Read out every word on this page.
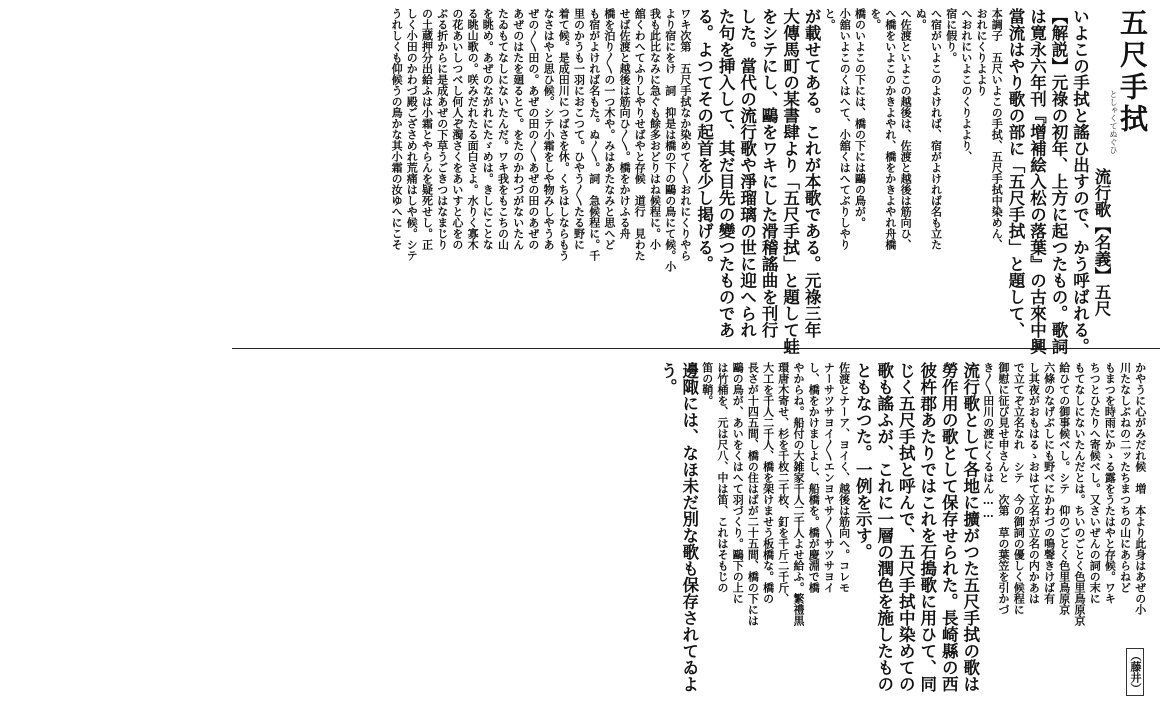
五尺手拭
としゃくてぬぐひ
（藤井）
流行歌【名義】五尺
いよこの手拭と謠ひ出すので、かう呼ばれる。
【解説】元祿の初年、上方に起つたもの。歌詞
は寛永六年刊『增補絵入松の落葉』の古來中興
當流はやり歌の部に「五尺手拭」と題して、
本調子　五尺いよこの手拭、五尺手拭中染めん、
おれにくりよより
へおれにいよこのくりよより、
宿に假り。
へ宿がいよこのよければ、宿がよければ名も立た
ぬ。
へ佐渡といよこの越後は、佐渡と越後は筋向ひ、
へ橋をいよこのかきよやれ、橋をかきよやれ舟橋
を。
橋のいよこの下には、橋の下には鷗の鳥が。
小舘いよこのくはへて、小舘くはへてぶりしやり
と。
が載せてある。これが本歌である。元祿三年
大傳馬町の某書肆より「五尺手拭」と題して蛙
をシテにし、鷗をワキにした滑稽謠曲を刊行
した。當代の流行歌や淨瑠璃の世に迎へられ
た句を挿入して、其だ目先の變つたものであ
る。よつてその起首を少し掲げる。
ワキ次第　五尺手拭なか染めて〳〵おれにくりやら
より宿にをけ　詞　抑是は橋の下の鷗の鳥にて候。小
我も此比なみに急ぐも餘多おどりはね候程に。小
舘くわへてふりしやりせばやと存候　道行　見わた
せば佐渡と越後は筋向ひ〳〵。橋をかけふる舟
橋を泊り〳〵の一つ木や。みはあたなみと思へど
も宿がよければ名もた。ぬ〳〵。詞　急候程に。千
里のかうも一羽におこつて。ひやう〳〵たる野に
着て候。是成田川につばさを休。くちはしならもう
なさはやと思ひ候。シテ小霜をしや物みしやうあ
ぜの〳〵田の。あぜの田の〳〵あぜの田のあぜの
あぜのはたを廻るとて。をたのかわづがないたん
たゐもてなしにないたんだ。ワキ我をもこちの山
を眺め。あぜのながれにたゞめは。きしにことな
る眺山歌の。咲みだれたる面白さよ。水りく寡木
の花あいしつべし何人ぞ濁さくをあいすと心をの
ぶる折からに是成あぜの下草うごきつはなまじり
の土蔵押分出給ふは小霜とやらんを疑死せし。正
しく小田のかわづ殿ござさめれ荒痛はしや候。シテ
うれしくも仰候うの鳥かな其小霜の汝ゆへにこそ
かやうに心がみだれ候　増　本より此身はあぜの小
川たなしぶねの二ッたちまつちの山にあらねど
もまつを時雨にかゝる露をうたはやと存候。ワキ
ちつとひたりへ寄候べし。又さいぜんの詞の末に
もてなしにないたんだとは。ちいのごとく色里鳥原京
給ひての御事候べし。シテ　仰のごとく色里鳥原京
六條のなげぶしにも野べにかわづの鳴聲きけば有
し其夜がおもはるゝおはて立名が立名の内かあは
で立てぞ立名なれ　シテ　今の御詞の優しく候程に
御慰に征び見せ申さんと　次第　草の葉笠を引かづ
き〳〵田川の渡にくるはん……
流行歌として各地に擴がつた五尺手拭の歌は
勞作用の歌として保存せられた。長崎縣の西
彼杵郡あたりではこれを石搗歌に用ひて、同
じく五尺手拭と呼んで、五尺手拭中染めての
歌も謠ふが、これに一層の潤色を施したもの
ともなつた。一例を示す。
佐渡とナーア、ヨイく、越後は筋向へ。コレモ
ナーサツサヨイ〳〵エンヨヤサ〳〵サツサヨイ
し、橋をかけましよし、船橋を。橋が慶淵で橋
やからね。船付の大雑家千人二千人よせ給ふ。繁禮黒
環唐木寄せ、杉を千枚二千枚、釘を千斤二千斤、
大工を千人二千人、橋を架けませう板橋な。橋の
長さが十四五間、橋の住はばが二十五間、橋の下には
鷗の鳥が、あいをくはへて羽づくり。鷗下の上に
は竹桶を、元は尺八、中は笛、これはそもじの
笛の鞘。
邊陬には、なほ未だ別な歌も保存されてゐよ
う。
